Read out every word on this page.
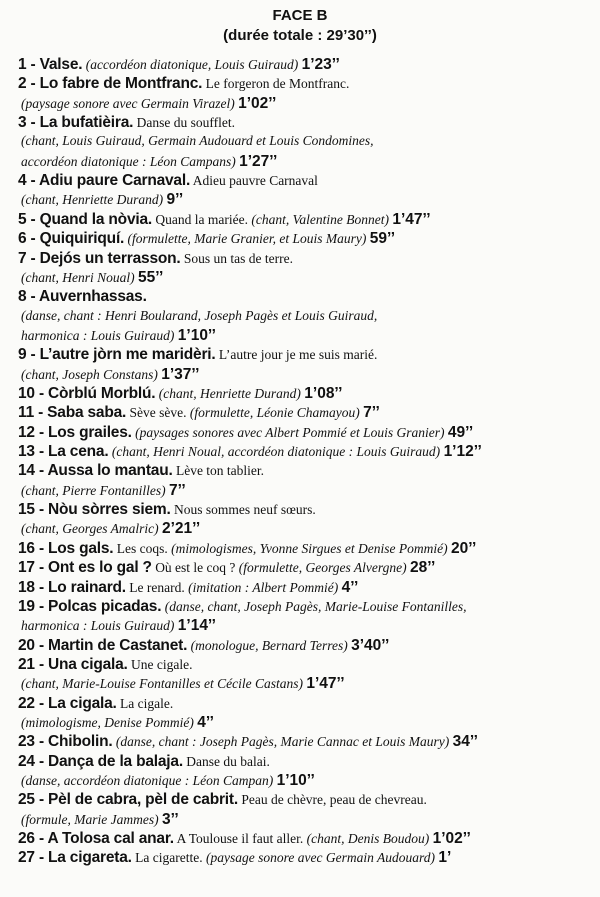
FACE B
(durée totale : 29’30’’)
1 - Valse. (accordéon diatonique, Louis Guiraud) 1’23’’
2 - Lo fabre de Montfranc. Le forgeron de Montfranc.
(paysage sonore avec Germain Virazel) 1’02’’
3 - La bufatièira. Danse du soufflet.
(chant, Louis Guiraud, Germain Audouard et Louis Condomines,
accordéon diatonique : Léon Campans) 1’27’’
4 - Adiu paure Carnaval. Adieu pauvre Carnaval
(chant, Henriette Durand) 9’’
5 - Quand la nòvia. Quand la mariée. (chant, Valentine Bonnet) 1’47’’
6 - Quiquiriquí. (formulette, Marie Granier, et Louis Maury) 59’’
7 - Dejós un terrasson. Sous un tas de terre.
(chant, Henri Noual) 55’’
8 - Auvernhassas.
(danse, chant : Henri Boularand, Joseph Pagès et Louis Guiraud,
harmonica : Louis Guiraud) 1’10’’
9 - L’autre jòrn me maridèri. L’autre jour je me suis marié.
(chant, Joseph Constans) 1’37’’
10 - Còrblú Morblú. (chant, Henriette Durand) 1’08’’
11 - Saba saba. Sève sève. (formulette, Léonie Chamayou) 7’’
12 - Los grailes. (paysages sonores avec Albert Pommié et Louis Granier) 49’’
13 - La cena. (chant, Henri Noual, accordéon diatonique : Louis Guiraud) 1’12’’
14 - Aussa lo mantau. Lève ton tablier.
(chant, Pierre Fontanilles) 7’’
15 - Nòu sòrres siem. Nous sommes neuf sœurs.
(chant, Georges Amalric) 2’21’’
16 - Los gals. Les coqs. (mimologismes, Yvonne Sirgues et Denise Pommié) 20’’
17 - Ont es lo gal ? Où est le coq ? (formulette, Georges Alvergne) 28’’
18 - Lo rainard. Le renard. (imitation : Albert Pommié) 4’’
19 - Polcas picadas. (danse, chant, Joseph Pagès, Marie-Louise Fontanilles,
harmonica : Louis Guiraud) 1’14’’
20 - Martin de Castanet. (monologue, Bernard Terres) 3’40’’
21 - Una cigala. Une cigale.
(chant, Marie-Louise Fontanilles et Cécile Castans) 1’47’’
22 - La cigala. La cigale.
(mimologisme, Denise Pommié) 4’’
23 - Chibolin. (danse, chant : Joseph Pagès, Marie Cannac et Louis Maury) 34’’
24 - Dança de la balaja. Danse du balai.
(danse, accordéon diatonique : Léon Campan) 1’10’’
25 - Pèl de cabra, pèl de cabrit. Peau de chèvre, peau de chevreau.
(formule, Marie Jammes) 3’’
26 - A Tolosa cal anar. A Toulouse il faut aller. (chant, Denis Boudou) 1’02’’
27 - La cigareta. La cigarette. (paysage sonore avec Germain Audouard) 1’
